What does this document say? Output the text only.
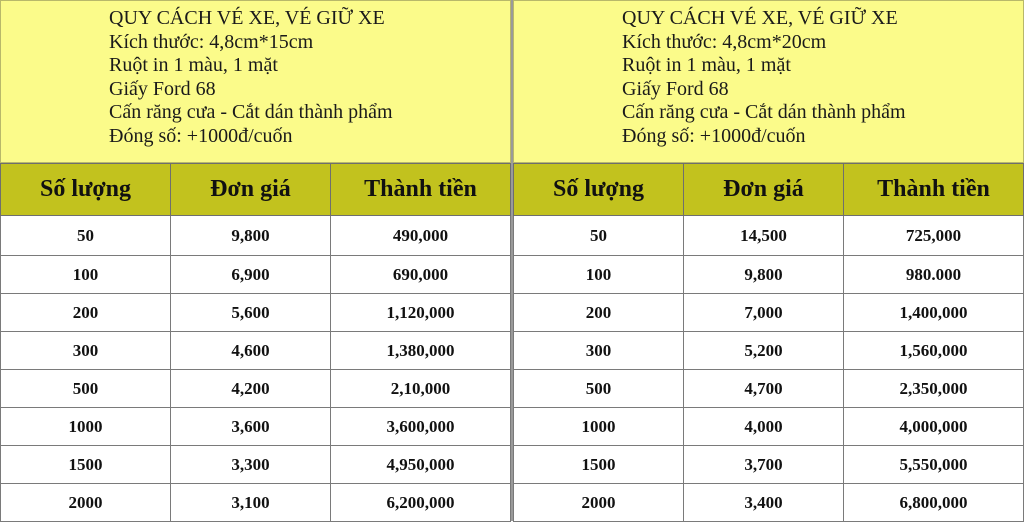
QUY CÁCH VÉ XE, VÉ GIỮ XE
Kích thước: 4,8cm*15cm
Ruột in 1 màu, 1 mặt
Giấy Ford 68
Cấn răng cưa - Cắt dán thành phẩm
Đóng số: +1000đ/cuốn
Số lượng	Đơn giá	Thành tiền
50	9,800	490,000
100	6,900	690,000
200	5,600	1,120,000
300	4,600	1,380,000
500	4,200	2,10,000
1000	3,600	3,600,000
1500	3,300	4,950,000
2000	3,100	6,200,000
QUY CÁCH VÉ XE, VÉ GIỮ XE
Kích thước: 4,8cm*20cm
Ruột in 1 màu, 1 mặt
Giấy Ford 68
Cấn răng cưa - Cắt dán thành phẩm
Đóng số: +1000đ/cuốn
Số lượng	Đơn giá	Thành tiền
50	14,500	725,000
100	9,800	980.000
200	7,000	1,400,000
300	5,200	1,560,000
500	4,700	2,350,000
1000	4,000	4,000,000
1500	3,700	5,550,000
2000	3,400	6,800,000
